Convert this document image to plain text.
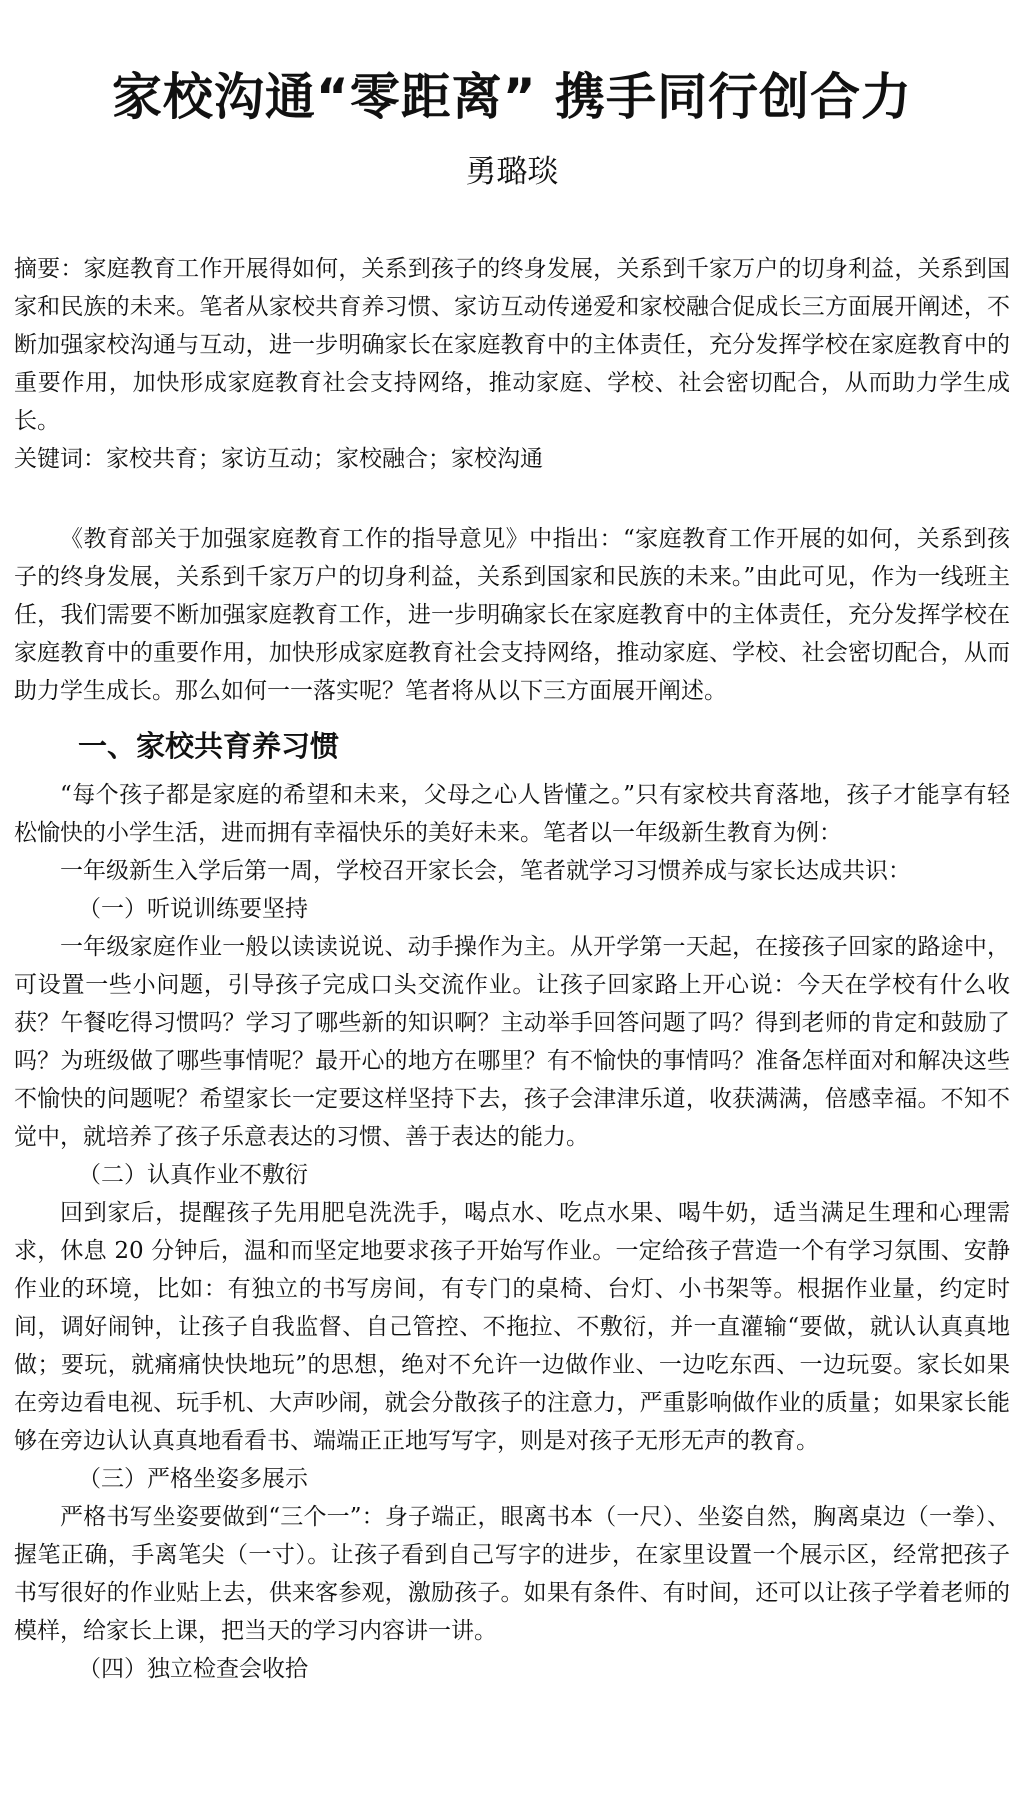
家校沟通“零距离” 携手同行创合力
勇璐琰

摘要：家庭教育工作开展得如何，关系到孩子的终身发展，关系到千家万户的切身利益，关系到国家和民族的未来。笔者从家校共育养习惯、家访互动传递爱和家校融合促成长三方面展开阐述，不断加强家校沟通与互动，进一步明确家长在家庭教育中的主体责任，充分发挥学校在家庭教育中的重要作用，加快形成家庭教育社会支持网络，推动家庭、学校、社会密切配合，从而助力学生成长。

关键词：家校共育；家访互动；家校融合；家校沟通

《教育部关于加强家庭教育工作的指导意见》中指出：“家庭教育工作开展的如何，关系到孩子的终身发展，关系到千家万户的切身利益，关系到国家和民族的未来。”由此可见，作为一线班主任，我们需要不断加强家庭教育工作，进一步明确家长在家庭教育中的主体责任，充分发挥学校在家庭教育中的重要作用，加快形成家庭教育社会支持网络，推动家庭、学校、社会密切配合，从而助力学生成长。那么如何一一落实呢？笔者将从以下三方面展开阐述。

一、家校共育养习惯

“每个孩子都是家庭的希望和未来，父母之心人皆懂之。”只有家校共育落地，孩子才能享有轻松愉快的小学生活，进而拥有幸福快乐的美好未来。笔者以一年级新生教育为例：

一年级新生入学后第一周，学校召开家长会，笔者就学习习惯养成与家长达成共识：

（一）听说训练要坚持

一年级家庭作业一般以读读说说、动手操作为主。从开学第一天起，在接孩子回家的路途中，可设置一些小问题，引导孩子完成口头交流作业。让孩子回家路上开心说：今天在学校有什么收获？午餐吃得习惯吗？学习了哪些新的知识啊？主动举手回答问题了吗？得到老师的肯定和鼓励了吗？为班级做了哪些事情呢？最开心的地方在哪里？有不愉快的事情吗？准备怎样面对和解决这些不愉快的问题呢？希望家长一定要这样坚持下去，孩子会津津乐道，收获满满，倍感幸福。不知不觉中，就培养了孩子乐意表达的习惯、善于表达的能力。

（二）认真作业不敷衍

回到家后，提醒孩子先用肥皂洗洗手，喝点水、吃点水果、喝牛奶，适当满足生理和心理需求，休息 20 分钟后，温和而坚定地要求孩子开始写作业。一定给孩子营造一个有学习氛围、安静作业的环境，比如：有独立的书写房间，有专门的桌椅、台灯、小书架等。根据作业量，约定时间，调好闹钟，让孩子自我监督、自己管控、不拖拉、不敷衍，并一直灌输“要做，就认认真真地做；要玩，就痛痛快快地玩”的思想，绝对不允许一边做作业、一边吃东西、一边玩耍。家长如果在旁边看电视、玩手机、大声吵闹，就会分散孩子的注意力，严重影响做作业的质量；如果家长能够在旁边认认真真地看看书、端端正正地写写字，则是对孩子无形无声的教育。

（三）严格坐姿多展示

严格书写坐姿要做到“三个一”：身子端正，眼离书本（一尺）、坐姿自然，胸离桌边（一拳）、握笔正确，手离笔尖（一寸）。让孩子看到自己写字的进步，在家里设置一个展示区，经常把孩子书写很好的作业贴上去，供来客参观，激励孩子。如果有条件、有时间，还可以让孩子学着老师的模样，给家长上课，把当天的学习内容讲一讲。

（四）独立检查会收拾
